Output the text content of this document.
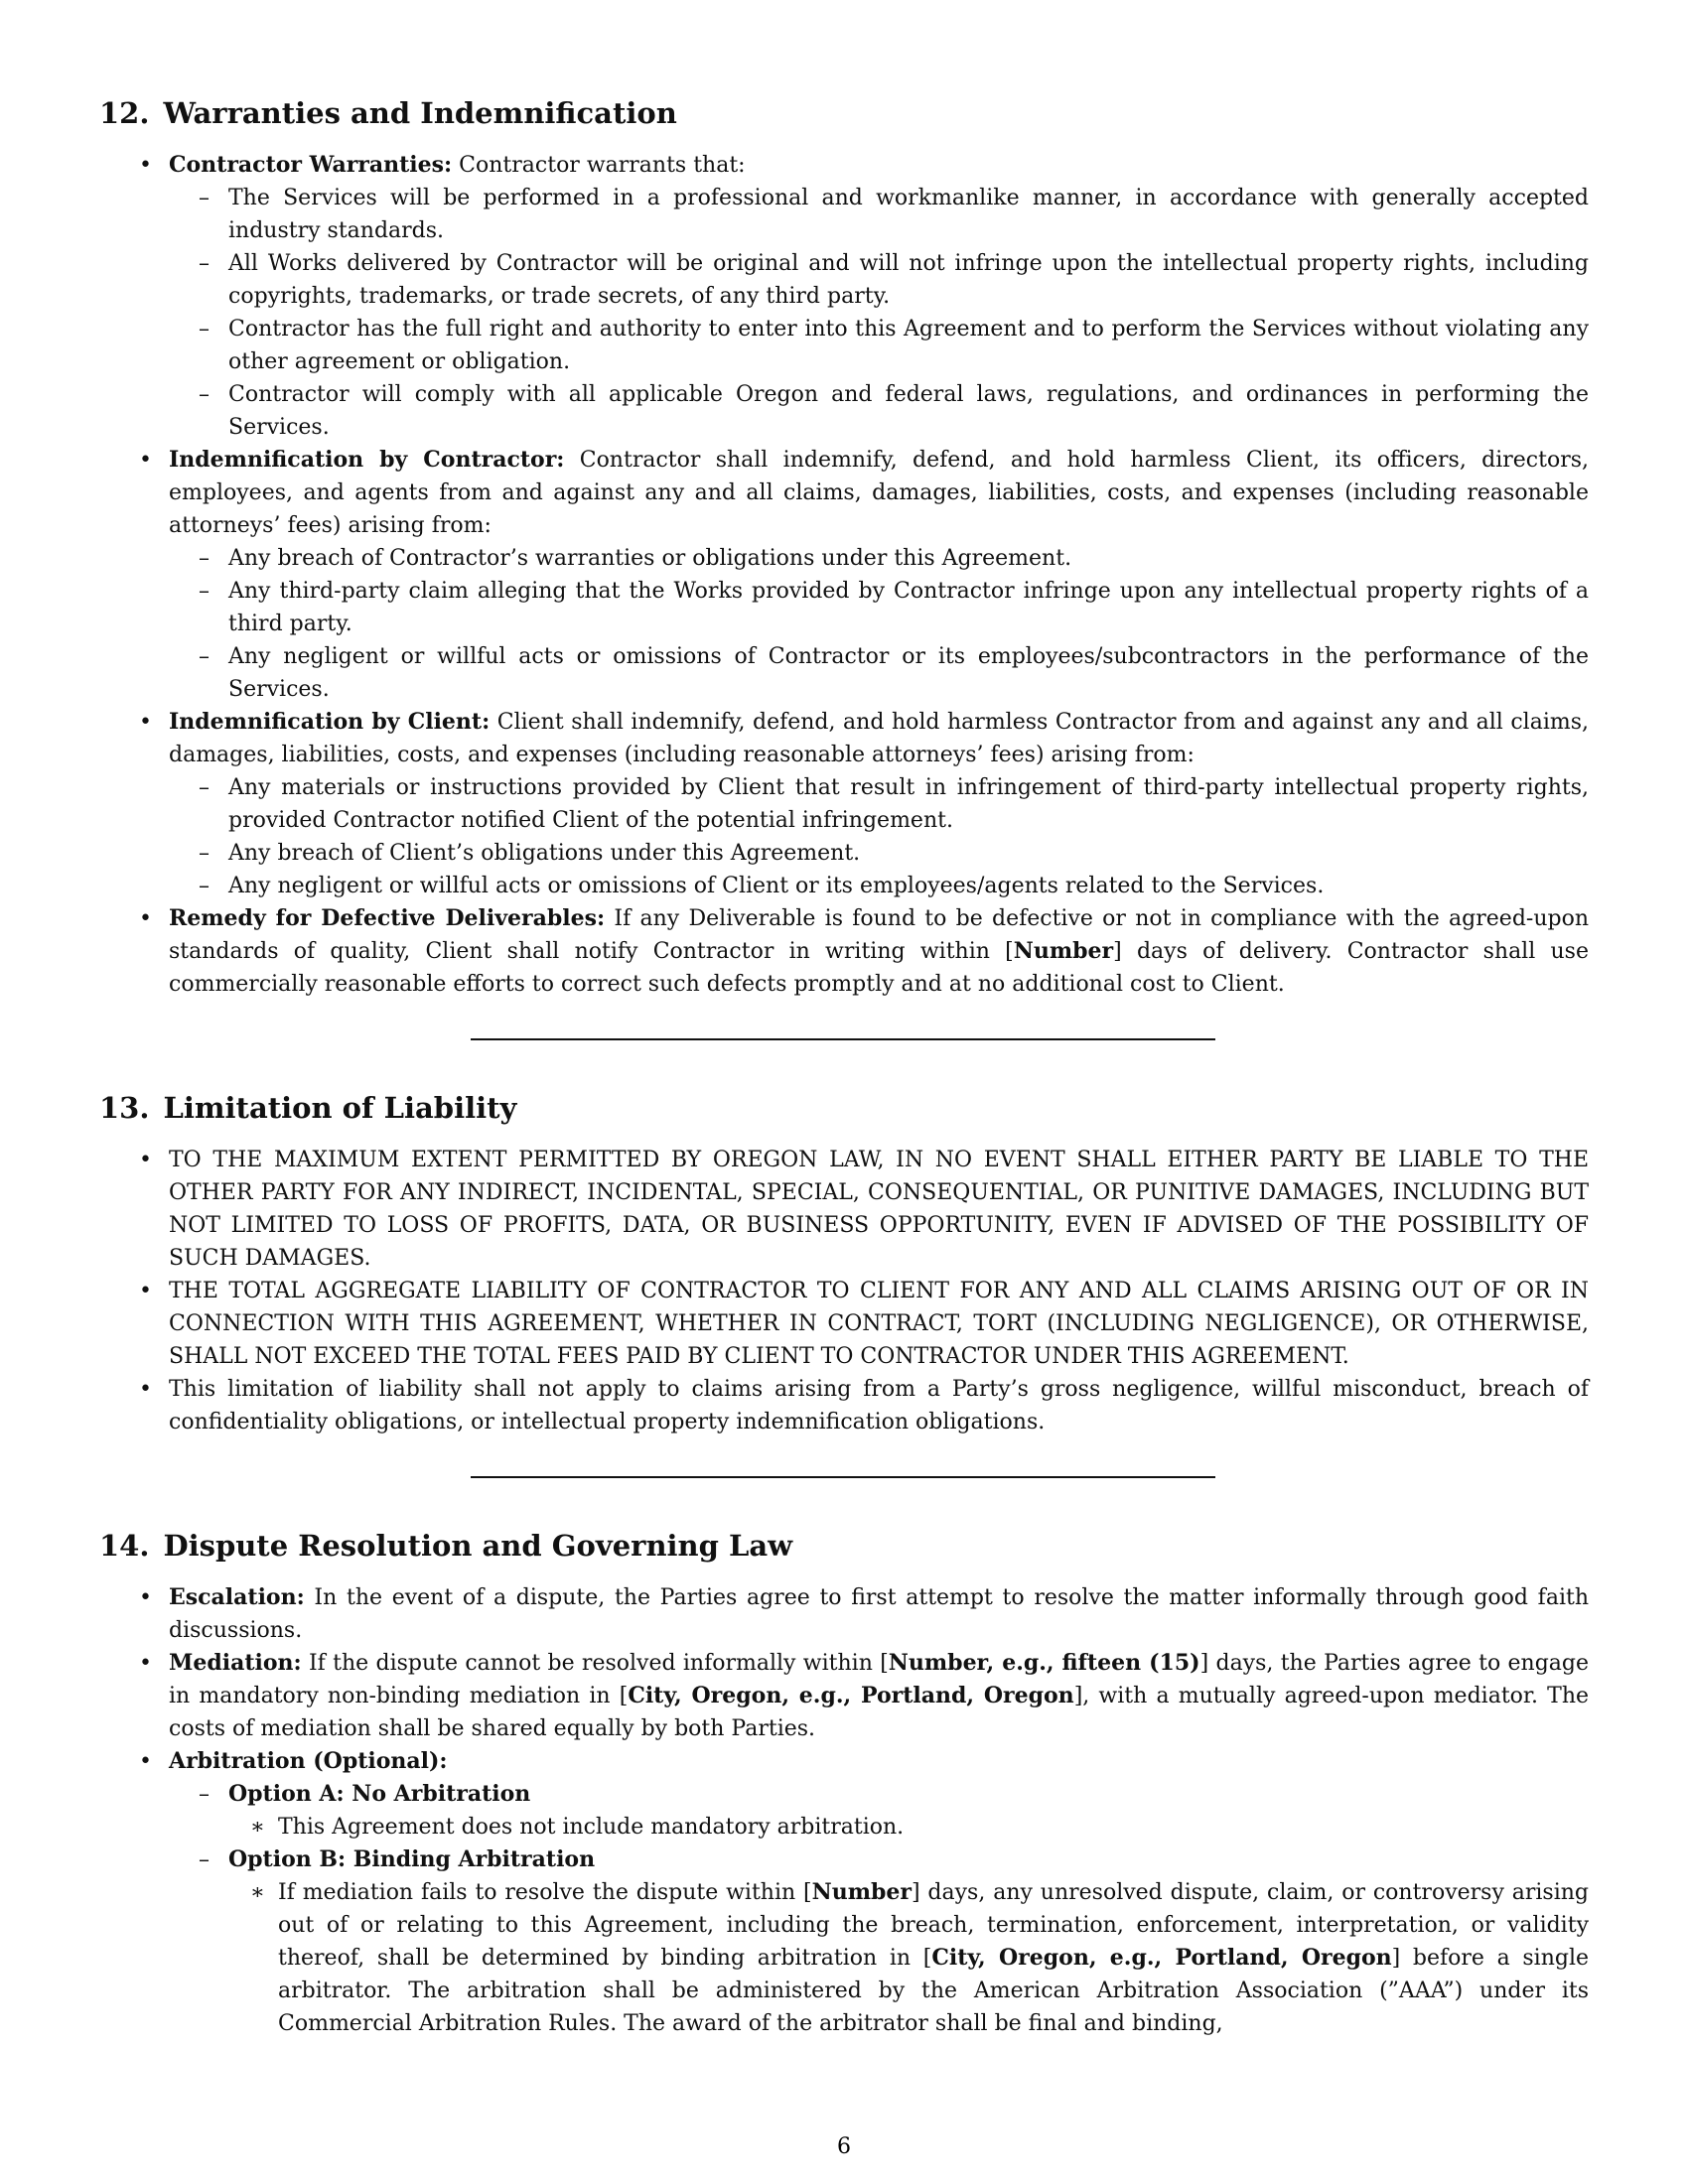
12. Warranties and Indemnification
• Contractor Warranties: Contractor warrants that:
– The Services will be performed in a professional and workmanlike manner, in accordance with generally accepted industry standards.
– All Works delivered by Contractor will be original and will not infringe upon the intellectual property rights, including copyrights, trademarks, or trade secrets, of any third party.
– Contractor has the full right and authority to enter into this Agreement and to perform the Services without violating any other agreement or obligation.
– Contractor will comply with all applicable Oregon and federal laws, regulations, and ordinances in performing the Services.
• Indemnification by Contractor: Contractor shall indemnify, defend, and hold harmless Client, its officers, directors, employees, and agents from and against any and all claims, damages, liabilities, costs, and expenses (including reasonable attorneys’ fees) arising from:
– Any breach of Contractor’s warranties or obligations under this Agreement.
– Any third-party claim alleging that the Works provided by Contractor infringe upon any intellectual property rights of a third party.
– Any negligent or willful acts or omissions of Contractor or its employees/subcontractors in the performance of the Services.
• Indemnification by Client: Client shall indemnify, defend, and hold harmless Contractor from and against any and all claims, damages, liabilities, costs, and expenses (including reasonable attorneys’ fees) arising from:
– Any materials or instructions provided by Client that result in infringement of third-party intellectual property rights, provided Contractor notified Client of the potential infringement.
– Any breach of Client’s obligations under this Agreement.
– Any negligent or willful acts or omissions of Client or its employees/agents related to the Services.
• Remedy for Defective Deliverables: If any Deliverable is found to be defective or not in compliance with the agreed-upon standards of quality, Client shall notify Contractor in writing within [Number] days of delivery. Contractor shall use commercially reasonable efforts to correct such defects promptly and at no additional cost to Client.
13. Limitation of Liability
• TO THE MAXIMUM EXTENT PERMITTED BY OREGON LAW, IN NO EVENT SHALL EITHER PARTY BE LIABLE TO THE OTHER PARTY FOR ANY INDIRECT, INCIDENTAL, SPECIAL, CONSEQUENTIAL, OR PUNITIVE DAMAGES, INCLUDING BUT NOT LIMITED TO LOSS OF PROFITS, DATA, OR BUSINESS OPPORTUNITY, EVEN IF ADVISED OF THE POSSIBILITY OF SUCH DAMAGES.
• THE TOTAL AGGREGATE LIABILITY OF CONTRACTOR TO CLIENT FOR ANY AND ALL CLAIMS ARISING OUT OF OR IN CONNECTION WITH THIS AGREEMENT, WHETHER IN CONTRACT, TORT (INCLUDING NEGLIGENCE), OR OTHERWISE, SHALL NOT EXCEED THE TOTAL FEES PAID BY CLIENT TO CONTRACTOR UNDER THIS AGREEMENT.
• This limitation of liability shall not apply to claims arising from a Party’s gross negligence, willful misconduct, breach of confidentiality obligations, or intellectual property indemnification obligations.
14. Dispute Resolution and Governing Law
• Escalation: In the event of a dispute, the Parties agree to first attempt to resolve the matter informally through good faith discussions.
• Mediation: If the dispute cannot be resolved informally within [Number, e.g., fifteen (15)] days, the Parties agree to engage in mandatory non-binding mediation in [City, Oregon, e.g., Portland, Oregon], with a mutually agreed-upon mediator. The costs of mediation shall be shared equally by both Parties.
• Arbitration (Optional):
– Option A: No Arbitration
∗ This Agreement does not include mandatory arbitration.
– Option B: Binding Arbitration
∗ If mediation fails to resolve the dispute within [Number] days, any unresolved dispute, claim, or controversy arising out of or relating to this Agreement, including the breach, termination, enforcement, interpretation, or validity thereof, shall be determined by binding arbitration in [City, Oregon, e.g., Portland, Oregon] before a single arbitrator. The arbitration shall be administered by the American Arbitration Association (”AAA”) under its Commercial Arbitration Rules. The award of the arbitrator shall be final and binding,
6
